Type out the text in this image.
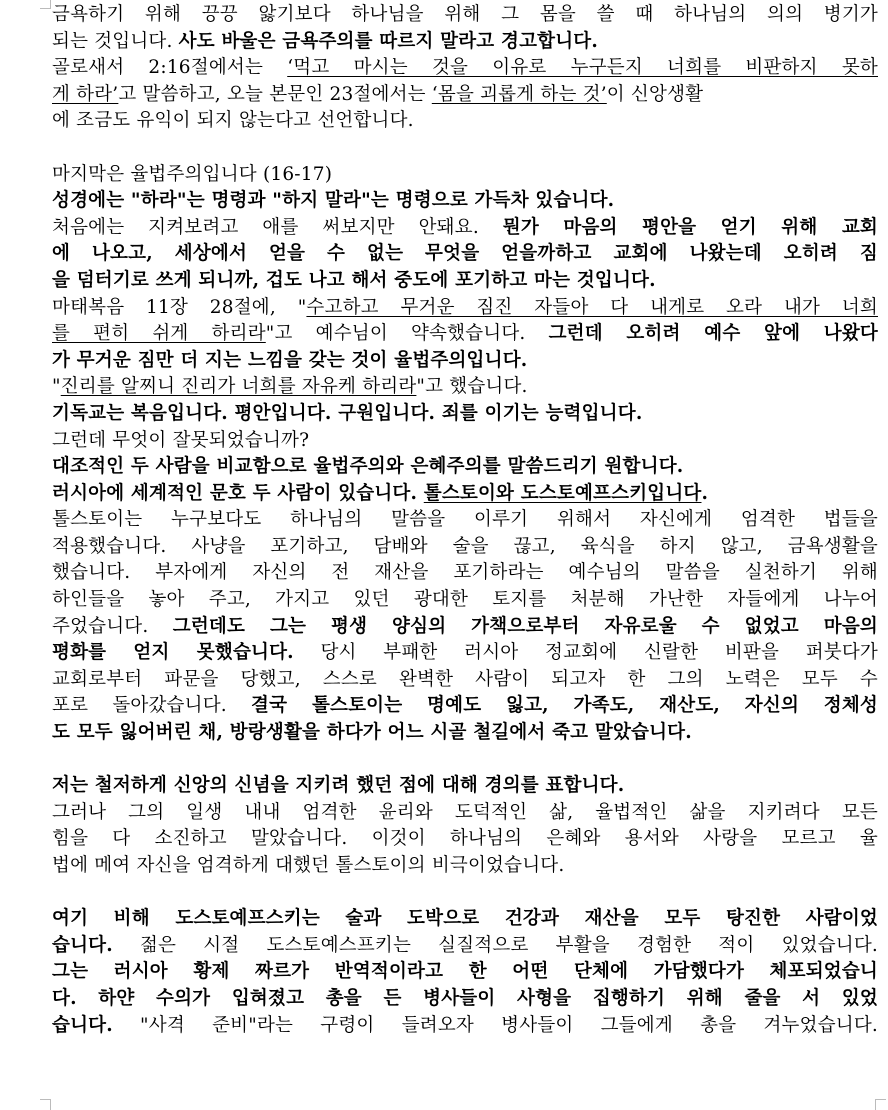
금욕하기 위해 끙끙 앓기보다 하나님을 위해 그 몸을 쓸 때 하나님의 의의 병기가
되는 것입니다. 사도 바울은 금욕주의를 따르지 말라고 경고합니다.
골로새서 2:16절에서는 ‘먹고 마시는 것을 이유로 누구든지 너희를 비판하지 못하
게 하라’고 말씀하고, 오늘 본문인 23절에서는 ‘몸을 괴롭게 하는 것’이 신앙생활
에 조금도 유익이 되지 않는다고 선언합니다.
마지막은 율법주의입니다 (16-17)
성경에는 "하라"는 명령과 "하지 말라"는 명령으로 가득차 있습니다.
처음에는 지켜보려고 애를 써보지만 안돼요. 뭔가 마음의 평안을 얻기 위해 교회
에 나오고, 세상에서 얻을 수 없는 무엇을 얻을까하고 교회에 나왔는데 오히려 짐
을 덤터기로 쓰게 되니까, 겁도 나고 해서 중도에 포기하고 마는 것입니다.
마태복음 11장 28절에, "수고하고 무거운 짐진 자들아 다 내게로 오라 내가 너희
를 편히 쉬게 하리라"고 예수님이 약속했습니다. 그런데 오히려 예수 앞에 나왔다
가 무거운 짐만 더 지는 느낌을 갖는 것이 율법주의입니다.
"진리를 알찌니 진리가 너희를 자유케 하리라"고 했습니다.
기독교는 복음입니다. 평안입니다. 구원입니다. 죄를 이기는 능력입니다.
그런데 무엇이 잘못되었습니까?
대조적인 두 사람을 비교함으로 율법주의와 은혜주의를 말씀드리기 원합니다.
러시아에 세계적인 문호 두 사람이 있습니다. 톨스토이와 도스토예프스키입니다.
톨스토이는 누구보다도 하나님의 말씀을 이루기 위해서 자신에게 엄격한 법들을
적용했습니다. 사냥을 포기하고, 담배와 술을 끊고, 육식을 하지 않고, 금욕생활을
했습니다. 부자에게 자신의 전 재산을 포기하라는 예수님의 말씀을 실천하기 위해
하인들을 놓아 주고, 가지고 있던 광대한 토지를 처분해 가난한 자들에게 나누어
주었습니다. 그런데도 그는 평생 양심의 가책으로부터 자유로울 수 없었고 마음의
평화를 얻지 못했습니다. 당시 부패한 러시아 정교회에 신랄한 비판을 퍼붓다가
교회로부터 파문을 당했고, 스스로 완벽한 사람이 되고자 한 그의 노력은 모두 수
포로 돌아갔습니다. 결국 톨스토이는 명예도 잃고, 가족도, 재산도, 자신의 정체성
도 모두 잃어버린 채, 방랑생활을 하다가 어느 시골 철길에서 죽고 말았습니다.
저는 철저하게 신앙의 신념을 지키려 했던 점에 대해 경의를 표합니다.
그러나 그의 일생 내내 엄격한 윤리와 도덕적인 삶, 율법적인 삶을 지키려다 모든
힘을 다 소진하고 말았습니다. 이것이 하나님의 은혜와 용서와 사랑을 모르고 율
법에 메여 자신을 엄격하게 대했던 톨스토이의 비극이었습니다.
여기 비해 도스토예프스키는 술과 도박으로 건강과 재산을 모두 탕진한 사람이었
습니다. 젊은 시절 도스토예스프키는 실질적으로 부활을 경험한 적이 있었습니다.
그는 러시아 황제 짜르가 반역적이라고 한 어떤 단체에 가담했다가 체포되었습니
다. 하얀 수의가 입혀졌고 총을 든 병사들이 사형을 집행하기 위해 줄을 서 있었
습니다. "사격 준비"라는 구령이 들려오자 병사들이 그들에게 총을 겨누었습니다.
